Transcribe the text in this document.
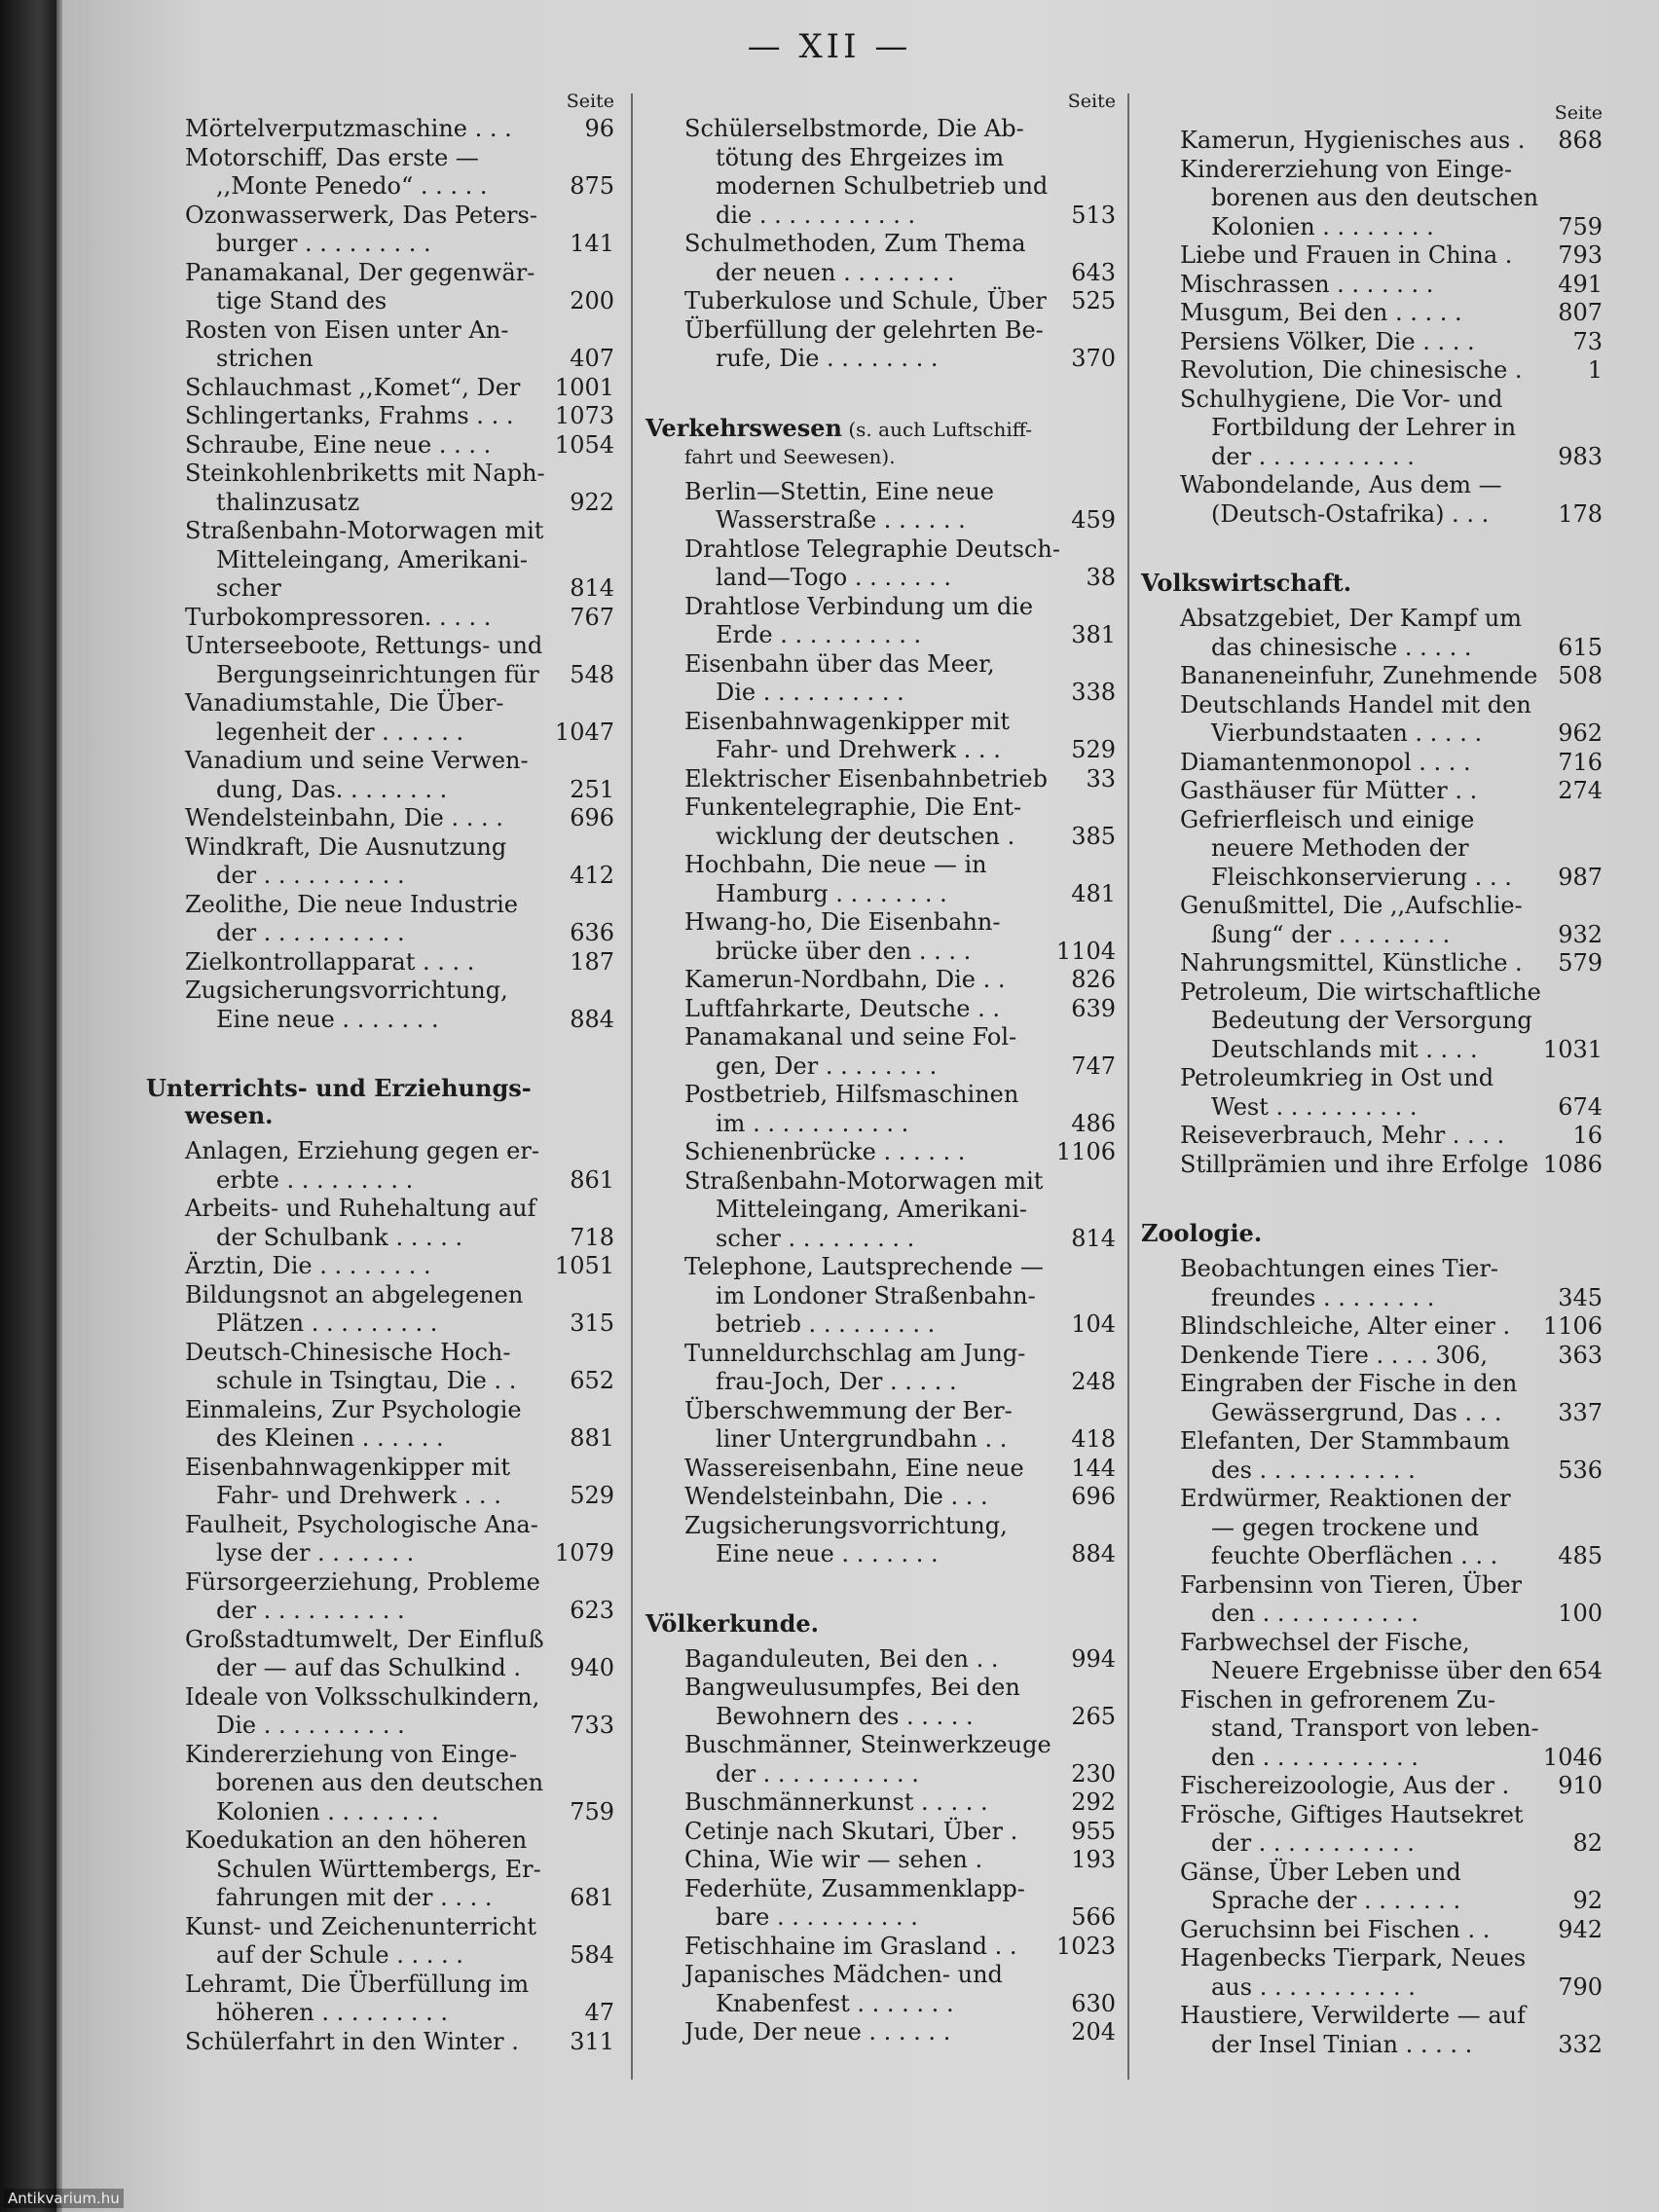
— XII —
Seite
Mörtelverputzmaschine . . .	96
Motorschiff, Das erste —
,,Monte Penedo“ . . . . .	875
Ozonwasserwerk, Das Peters-
burger . . . . . . . . .	141
Panamakanal, Der gegenwär-
tige Stand des	200
Rosten von Eisen unter An-
strichen	407
Schlauchmast ,,Komet“, Der	1001
Schlingertanks, Frahms . . .	1073
Schraube, Eine neue . . . .	1054
Steinkohlenbriketts mit Naph-
thalinzusatz	922
Straßenbahn-Motorwagen mit
Mitteleingang, Amerikani-
scher	814
Turbokompressoren. . . . .	767
Unterseeboote, Rettungs- und
Bergungseinrichtungen für	548
Vanadiumstahle, Die Über-
legenheit der . . . . . .	1047
Vanadium und seine Verwen-
dung, Das. . . . . . . .	251
Wendelsteinbahn, Die . . . .	696
Windkraft, Die Ausnutzung
der . . . . . . . . . .	412
Zeolithe, Die neue Industrie
der . . . . . . . . . .	636
Zielkontrollapparat . . . .	187
Zugsicherungsvorrichtung,
Eine neue . . . . . . .	884
Unterrichts- und Erziehungs-
wesen.
Anlagen, Erziehung gegen er-
erbte . . . . . . . . .	861
Arbeits- und Ruhehaltung auf
der Schulbank . . . . .	718
Ärztin, Die . . . . . . . .	1051
Bildungsnot an abgelegenen
Plätzen . . . . . . . . .	315
Deutsch-Chinesische Hoch-
schule in Tsingtau, Die . .	652
Einmaleins, Zur Psychologie
des Kleinen . . . . . .	881
Eisenbahnwagenkipper mit
Fahr- und Drehwerk . . .	529
Faulheit, Psychologische Ana-
lyse der . . . . . . .	1079
Fürsorgeerziehung, Probleme
der . . . . . . . . . .	623
Großstadtumwelt, Der Einfluß
der — auf das Schulkind .	940
Ideale von Volksschulkindern,
Die . . . . . . . . . .	733
Kindererziehung von Einge-
borenen aus den deutschen
Kolonien . . . . . . . .	759
Koedukation an den höheren
Schulen Württembergs, Er-
fahrungen mit der . . . .	681
Kunst- und Zeichenunterricht
auf der Schule . . . . .	584
Lehramt, Die Überfüllung im
höheren . . . . . . . . .	47
Schülerfahrt in den Winter .	311
Seite
Schülerselbstmorde, Die Ab-
tötung des Ehrgeizes im
modernen Schulbetrieb und
die . . . . . . . . . . .	513
Schulmethoden, Zum Thema
der neuen . . . . . . . .	643
Tuberkulose und Schule, Über 525
Überfüllung der gelehrten Be-
rufe, Die . . . . . . . .	370
Verkehrswesen (s. auch Luftschiff-
fahrt und Seewesen).
Berlin—Stettin, Eine neue
Wasserstraße . . . . . .	459
Drahtlose Telegraphie Deutsch-
land—Togo . . . . . . .	38
Drahtlose Verbindung um die
Erde . . . . . . . . . .	381
Eisenbahn über das Meer,
Die . . . . . . . . . .	338
Eisenbahnwagenkipper mit
Fahr- und Drehwerk . . .	529
Elektrischer Eisenbahnbetrieb 33
Funkentelegraphie, Die Ent-
wicklung der deutschen .	385
Hochbahn, Die neue — in
Hamburg . . . . . . . .	481
Hwang-ho, Die Eisenbahn-
brücke über den . . . .	1104
Kamerun-Nordbahn, Die . .	826
Luftfahrkarte, Deutsche . .	639
Panamakanal und seine Fol-
gen, Der . . . . . . . .	747
Postbetrieb, Hilfsmaschinen
im . . . . . . . . . . .	486
Schienenbrücke . . . . . .	1106
Straßenbahn-Motorwagen mit
Mitteleingang, Amerikani-
scher . . . . . . . . .	814
Telephone, Lautsprechende —
im Londoner Straßenbahn-
betrieb . . . . . . . . .	104
Tunneldurchschlag am Jung-
frau-Joch, Der . . . . .	248
Überschwemmung der Ber-
liner Untergrundbahn . .	418
Wassereisenbahn, Eine neue	144
Wendelsteinbahn, Die . . .	696
Zugsicherungsvorrichtung,
Eine neue . . . . . . .	884
Völkerkunde.
Baganduleuten, Bei den . .	994
Bangweulusumpfes, Bei den
Bewohnern des . . . . .	265
Buschmänner, Steinwerkzeuge
der . . . . . . . . . . .	230
Buschmännerkunst . . . . .	292
Cetinje nach Skutari, Über .	955
China, Wie wir — sehen .	193
Federhüte, Zusammenklapp-
bare . . . . . . . . . .	566
Fetischhaine im Grasland . .	1023
Japanisches Mädchen- und
Knabenfest . . . . . . .	630
Jude, Der neue . . . . . .	204
Seite
Kamerun, Hygienisches aus .	868
Kindererziehung von Einge-
borenen aus den deutschen
Kolonien . . . . . . . .	759
Liebe und Frauen in China .	793
Mischrassen . . . . . . .	491
Musgum, Bei den . . . . .	807
Persiens Völker, Die . . . .	73
Revolution, Die chinesische .	1
Schulhygiene, Die Vor- und
Fortbildung der Lehrer in
der . . . . . . . . . . .	983
Wabondelande, Aus dem —
(Deutsch-Ostafrika) . . .	178
Volkswirtschaft.
Absatzgebiet, Der Kampf um
das chinesische . . . . .	615
Bananeneinfuhr, Zunehmende 508
Deutschlands Handel mit den
Vierbundstaaten . . . . .	962
Diamantenmonopol . . . .	716
Gasthäuser für Mütter . .	274
Gefrierfleisch und einige
neuere Methoden der
Fleischkonservierung . . .	987
Genußmittel, Die ,,Aufschlie-
ßung“ der . . . . . . . .	932
Nahrungsmittel, Künstliche .	579
Petroleum, Die wirtschaftliche
Bedeutung der Versorgung
Deutschlands mit . . . .	1031
Petroleumkrieg in Ost und
West . . . . . . . . . .	674
Reiseverbrauch, Mehr . . . .	16
Stillprämien und ihre Erfolge 1086
Zoologie.
Beobachtungen eines Tier-
freundes . . . . . . . .	345
Blindschleiche, Alter einer .	1106
Denkende Tiere . . . . 306,	363
Eingraben der Fische in den
Gewässergrund, Das . . .	337
Elefanten, Der Stammbaum
des . . . . . . . . . . .	536
Erdwürmer, Reaktionen der
— gegen trockene und
feuchte Oberflächen . . .	485
Farbensinn von Tieren, Über
den . . . . . . . . . . .	100
Farbwechsel der Fische,
Neuere Ergebnisse über den 654
Fischen in gefrorenem Zu-
stand, Transport von leben-
den . . . . . . . . . . .	1046
Fischereizoologie, Aus der .	910
Frösche, Giftiges Hautsekret
der . . . . . . . . . . .	82
Gänse, Über Leben und
Sprache der . . . . . . .	92
Geruchsinn bei Fischen . .	942
Hagenbecks Tierpark, Neues
aus . . . . . . . . . . .	790
Haustiere, Verwilderte — auf
der Insel Tinian . . . . .	332
Antikvarium.hu
